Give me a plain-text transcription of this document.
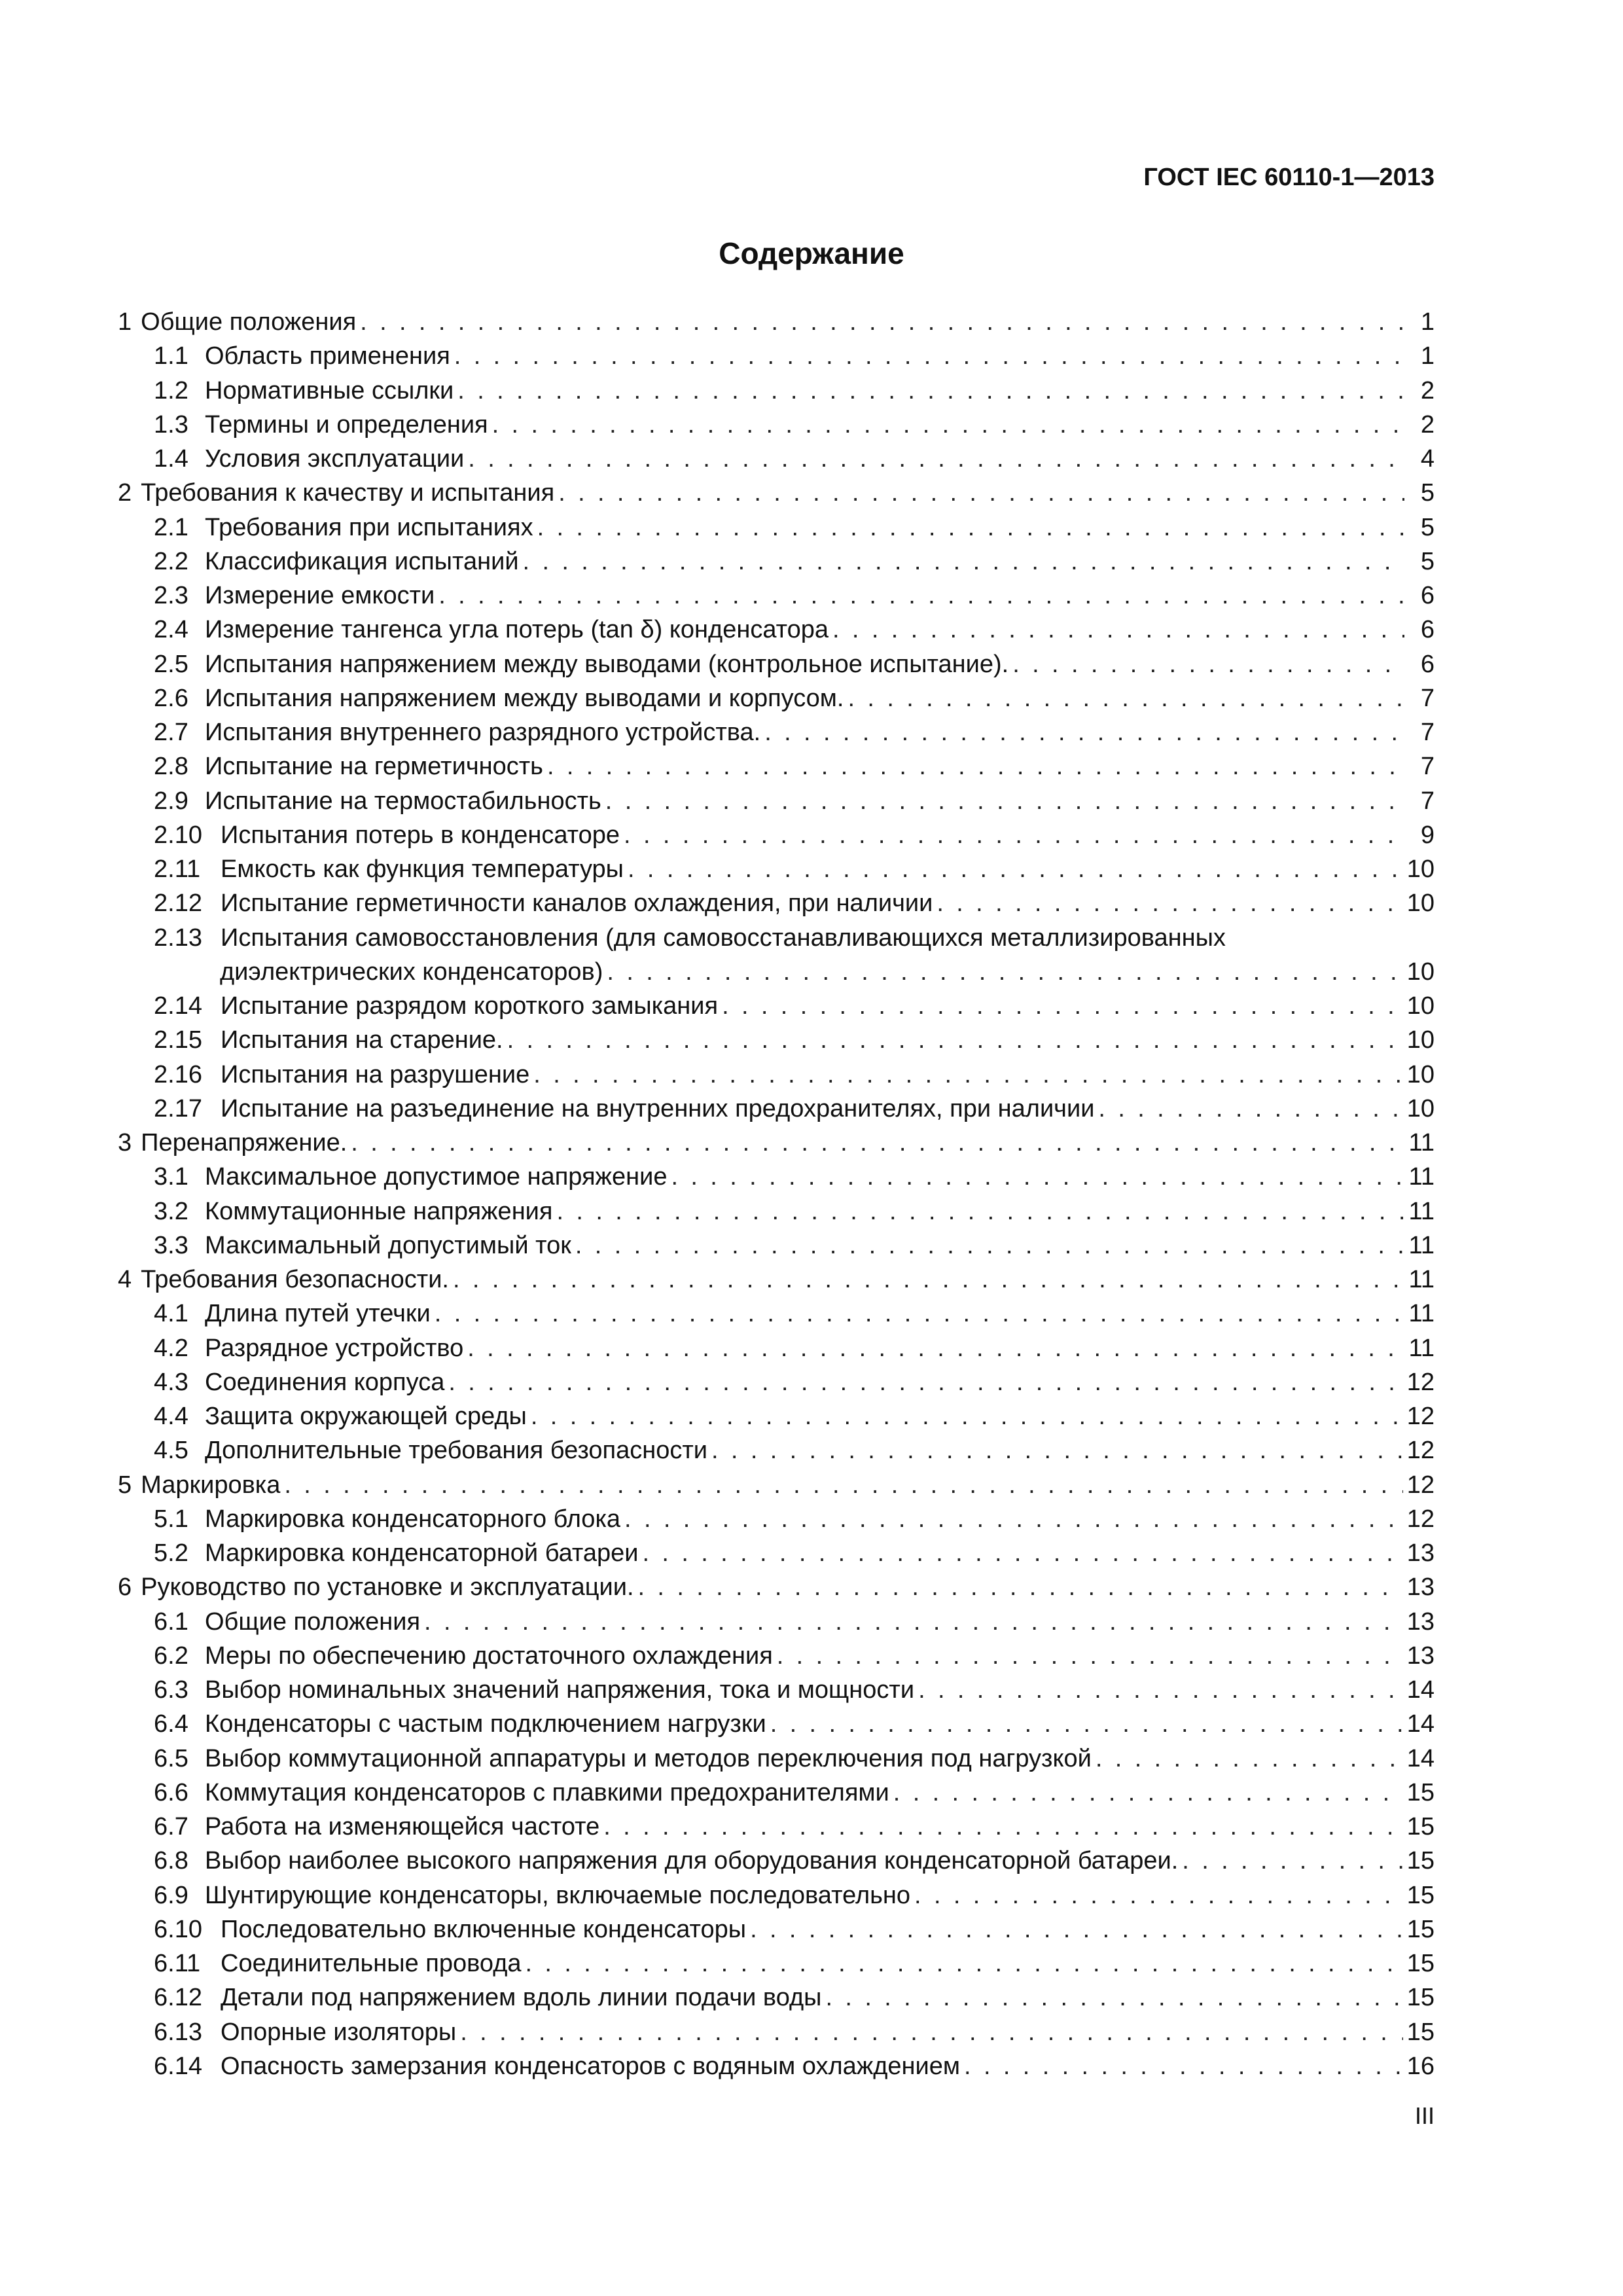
ГОСТ IEC 60110-1—2013
Содержание
1 Общие положения . . .	1
1.1 Область применения . . .	1
1.2 Нормативные ссылки . . .	2
1.3 Термины и определения . . .	2
1.4 Условия эксплуатации . . .	4
2 Требования к качеству и испытания . . .	5
2.1 Требования при испытаниях . . .	5
2.2 Классификация испытаний . . .	5
2.3 Измерение емкости . . .	6
2.4 Измерение тангенса угла потерь (tan δ) конденсатора . . .	6
2.5 Испытания напряжением между выводами (контрольное испытание). . . .	6
2.6 Испытания напряжением между выводами и корпусом. . . .	7
2.7 Испытания внутреннего разрядного устройства. . . .	7
2.8 Испытание на герметичность . . .	7
2.9 Испытание на термостабильность . . .	7
2.10 Испытания потерь в конденсаторе . . .	9
2.11 Емкость как функция температуры . . .	10
2.12 Испытание герметичности каналов охлаждения, при наличии . . .	10
2.13 Испытания самовосстановления (для самовосстанавливающихся металлизированных
диэлектрических конденсаторов) . . .	10
2.14 Испытание разрядом короткого замыкания . . .	10
2.15 Испытания на старение. . . .	10
2.16 Испытания на разрушение . . .	10
2.17 Испытание на разъединение на внутренних предохранителях, при наличии . . .	10
3 Перенапряжение. . . .	11
3.1 Максимальное допустимое напряжение . . .	11
3.2 Коммутационные напряжения . . .	11
3.3 Максимальный допустимый ток . . .	11
4 Требования безопасности. . . .	11
4.1 Длина путей утечки . . .	11
4.2 Разрядное устройство . . .	11
4.3 Соединения корпуса . . .	12
4.4 Защита окружающей среды . . .	12
4.5 Дополнительные требования безопасности . . .	12
5 Маркировка . . .	12
5.1 Маркировка конденсаторного блока . . .	12
5.2 Маркировка конденсаторной батареи . . .	13
6 Руководство по установке и эксплуатации. . . .	13
6.1 Общие положения . . .	13
6.2 Меры по обеспечению достаточного охлаждения . . .	13
6.3 Выбор номинальных значений напряжения, тока и мощности . . .	14
6.4 Конденсаторы с частым подключением нагрузки . . .	14
6.5 Выбор коммутационной аппаратуры и методов переключения под нагрузкой . . .	14
6.6 Коммутация конденсаторов с плавкими предохранителями . . .	15
6.7 Работа на изменяющейся частоте . . .	15
6.8 Выбор наиболее высокого напряжения для оборудования конденсаторной батареи. . . .	15
6.9 Шунтирующие конденсаторы, включаемые последовательно . . .	15
6.10 Последовательно включенные конденсаторы . . .	15
6.11 Соединительные провода . . .	15
6.12 Детали под напряжением вдоль линии подачи воды . . .	15
6.13 Опорные изоляторы . . .	15
6.14 Опасность замерзания конденсаторов с водяным охлаждением . . .	16
III
